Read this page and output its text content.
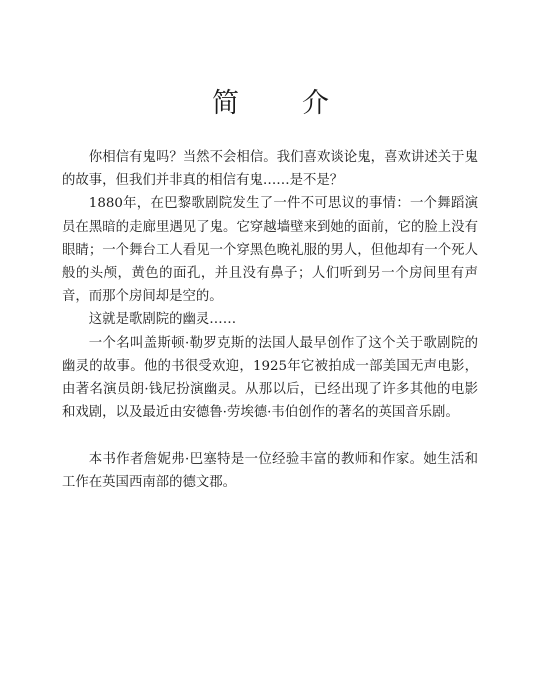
简　介

你相信有鬼吗？当然不会相信。我们喜欢谈论鬼，喜欢讲述关于鬼的故事，但我们并非真的相信有鬼……是不是？

1880年，在巴黎歌剧院发生了一件不可思议的事情：一个舞蹈演员在黑暗的走廊里遇见了鬼。它穿越墙壁来到她的面前，它的脸上没有眼睛；一个舞台工人看见一个穿黑色晚礼服的男人，但他却有一个死人般的头颅，黄色的面孔，并且没有鼻子；人们听到另一个房间里有声音，而那个房间却是空的。

这就是歌剧院的幽灵……

一个名叫盖斯顿·勒罗克斯的法国人最早创作了这个关于歌剧院的幽灵的故事。他的书很受欢迎，1925年它被拍成一部美国无声电影，由著名演员朗·钱尼扮演幽灵。从那以后，已经出现了许多其他的电影和戏剧，以及最近由安德鲁·劳埃德·韦伯创作的著名的英国音乐剧。

本书作者詹妮弗·巴塞特是一位经验丰富的教师和作家。她生活和工作在英国西南部的德文郡。
